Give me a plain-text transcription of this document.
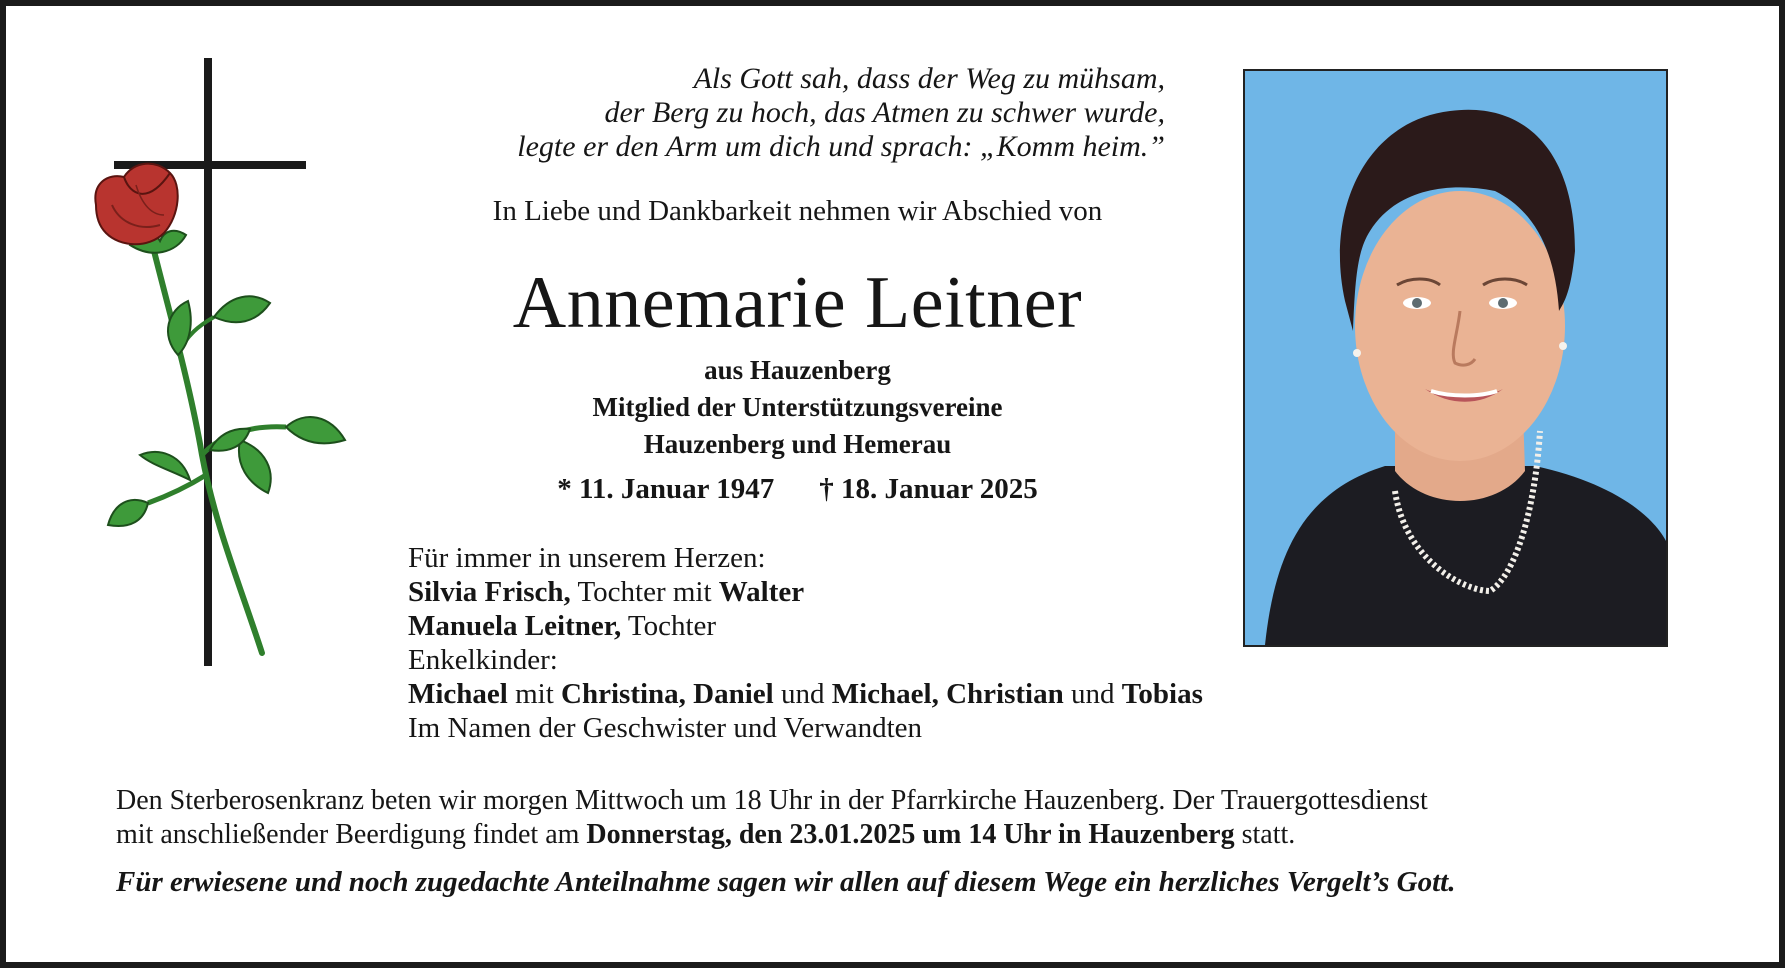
Als Gott sah, dass der Weg zu mühsam,
der Berg zu hoch, das Atmen zu schwer wurde,
legte er den Arm um dich und sprach: „Komm heim.”
In Liebe und Dankbarkeit nehmen wir Abschied von
Annemarie Leitner
aus Hauzenberg
Mitglied der Unterstützungsvereine
Hauzenberg und Hemerau
* 11. Januar 1947 † 18. Januar 2025
Für immer in unserem Herzen:
Silvia Frisch, Tochter mit Walter
Manuela Leitner, Tochter
Enkelkinder:
Michael mit Christina, Daniel und Michael, Christian und Tobias
Im Namen der Geschwister und Verwandten
Den Sterberosenkranz beten wir morgen Mittwoch um 18 Uhr in der Pfarrkirche Hauzenberg. Der Trauergottesdienst
mit anschließender Beerdigung findet am Donnerstag, den 23.01.2025 um 14 Uhr in Hauzenberg statt.
Für erwiesene und noch zugedachte Anteilnahme sagen wir allen auf diesem Wege ein herzliches Vergelt’s Gott.
